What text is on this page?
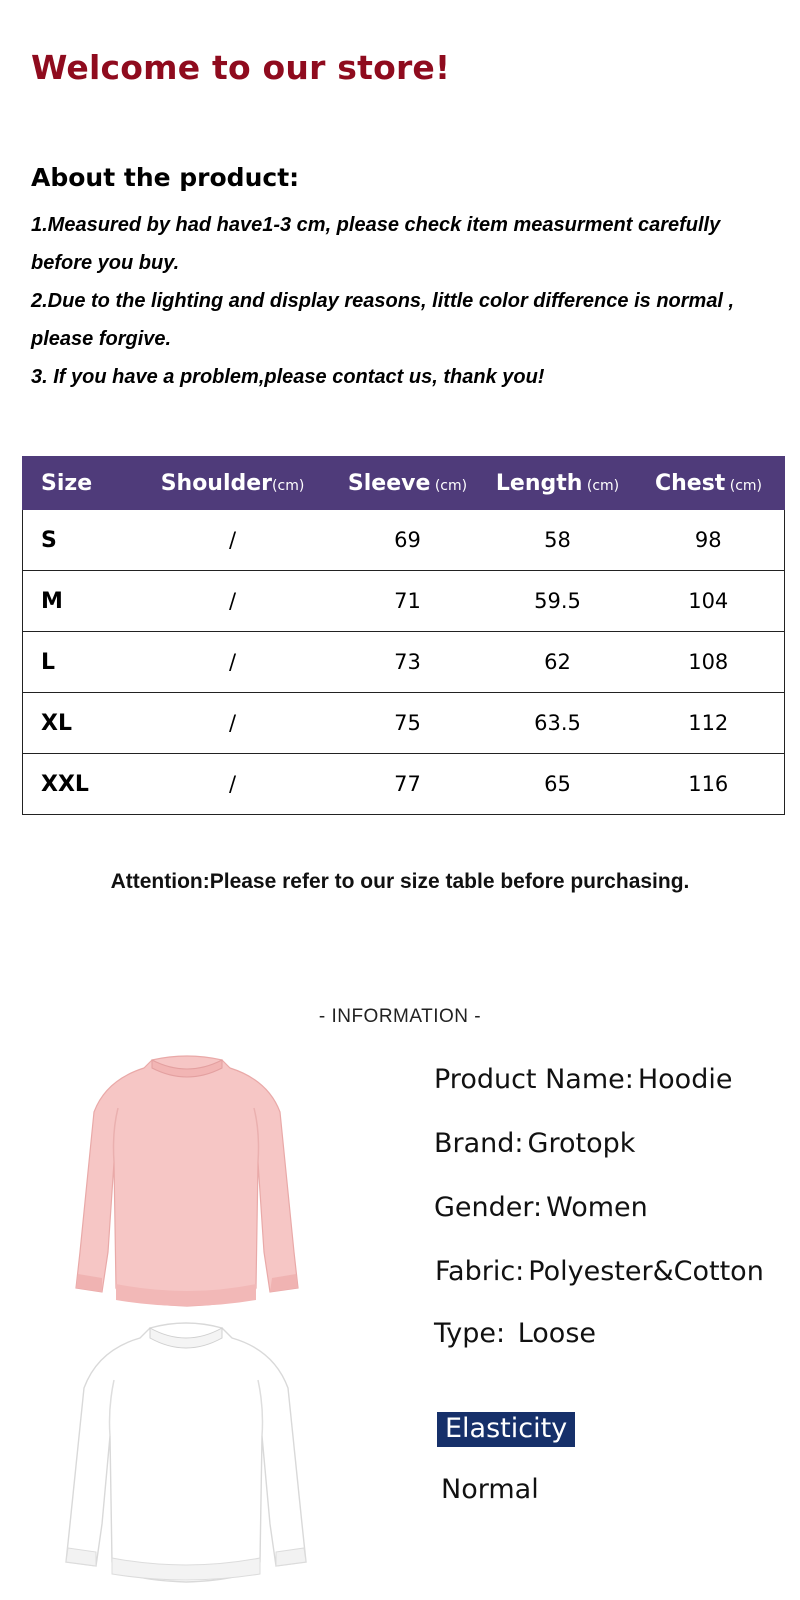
Welcome to our store!
About the product:
1.Measured by had have1-3 cm, please check item measurment carefully
before you buy.
2.Due to the lighting and display reasons, little color difference is normal ,
please forgive.
3. If you have a problem,please contact us, thank you!
Size	Shoulder(cm)	Sleeve (cm)	Length (cm)	Chest (cm)
S	/	69	58	98
M	/	71	59.5	104
L	/	73	62	108
XL	/	75	63.5	112
XXL	/	77	65	116
Attention:Please refer to our size table before purchasing.
- INFORMATION -
Product Name: Hoodie
Brand: Grotopk
Gender: Women
Fabric: Polyester&Cotton
Type: Loose
Elasticity
Normal
